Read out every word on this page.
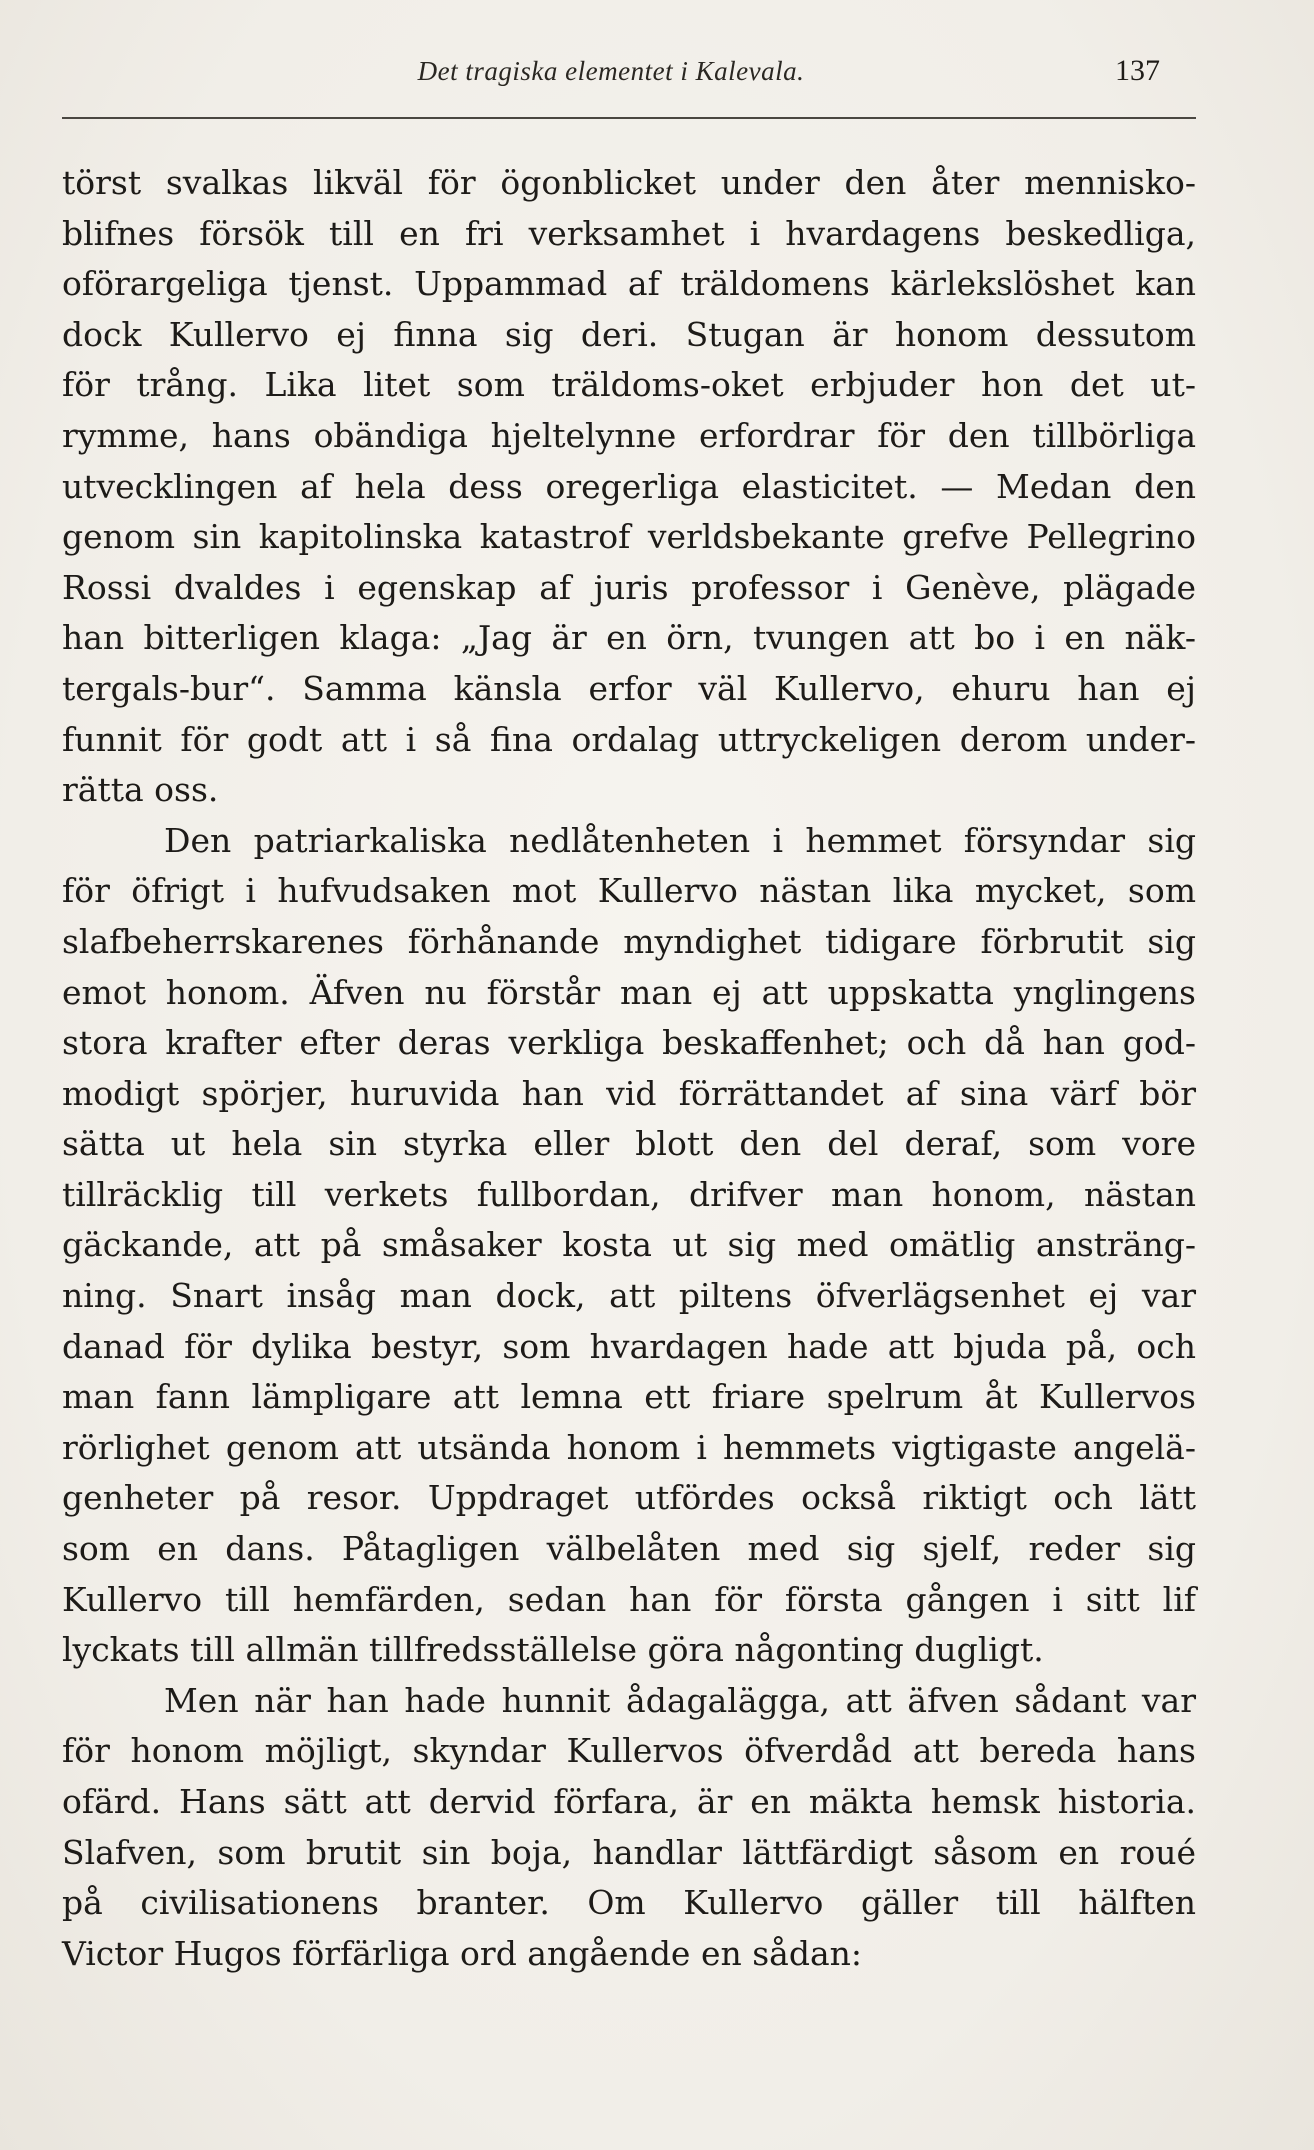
Det tragiska elementet i Kalevala.	137
törst svalkas likväl för ögonblicket under den åter mennisko-
blifnes försök till en fri verksamhet i hvardagens beskedliga,
oförargeliga tjenst. Uppammad af träldomens kärlekslöshet kan
dock Kullervo ej finna sig deri. Stugan är honom dessutom
för trång. Lika litet som träldoms-oket erbjuder hon det ut-
rymme, hans obändiga hjeltelynne erfordrar för den tillbörliga
utvecklingen af hela dess oregerliga elasticitet. — Medan den
genom sin kapitolinska katastrof verldsbekante grefve Pellegrino
Rossi dvaldes i egenskap af juris professor i Genève, plägade
han bitterligen klaga: „Jag är en örn, tvungen att bo i en näk-
tergals-bur“. Samma känsla erfor väl Kullervo, ehuru han ej
funnit för godt att i så fina ordalag uttryckeligen derom under-
rätta oss.
Den patriarkaliska nedlåtenheten i hemmet försyndar sig
för öfrigt i hufvudsaken mot Kullervo nästan lika mycket, som
slafbeherrskarenes förhånande myndighet tidigare förbrutit sig
emot honom. Äfven nu förstår man ej att uppskatta ynglingens
stora krafter efter deras verkliga beskaffenhet; och då han god-
modigt spörjer, huruvida han vid förrättandet af sina värf bör
sätta ut hela sin styrka eller blott den del deraf, som vore
tillräcklig till verkets fullbordan, drifver man honom, nästan
gäckande, att på småsaker kosta ut sig med omätlig ansträng-
ning. Snart insåg man dock, att piltens öfverlägsenhet ej var
danad för dylika bestyr, som hvardagen hade att bjuda på, och
man fann lämpligare att lemna ett friare spelrum åt Kullervos
rörlighet genom att utsända honom i hemmets vigtigaste angelä-
genheter på resor. Uppdraget utfördes också riktigt och lätt
som en dans. Påtagligen välbelåten med sig sjelf, reder sig
Kullervo till hemfärden, sedan han för första gången i sitt lif
lyckats till allmän tillfredsställelse göra någonting dugligt.
Men när han hade hunnit ådagalägga, att äfven sådant var
för honom möjligt, skyndar Kullervos öfverdåd att bereda hans
ofärd. Hans sätt att dervid förfara, är en mäkta hemsk historia.
Slafven, som brutit sin boja, handlar lättfärdigt såsom en roué
på civilisationens branter. Om Kullervo gäller till hälften
Victor Hugos förfärliga ord angående en sådan:
